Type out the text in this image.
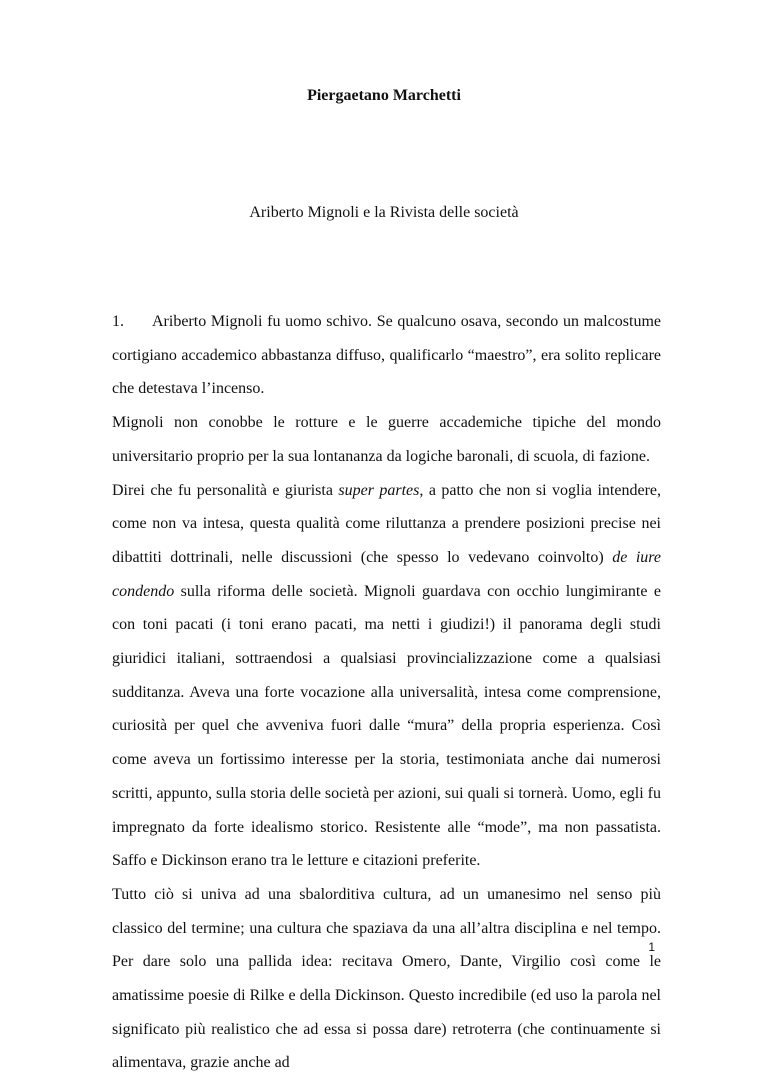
Piergaetano Marchetti
Ariberto Mignoli e la Rivista delle società

1. Ariberto Mignoli fu uomo schivo. Se qualcuno osava, secondo un malcostume cortigiano accademico abbastanza diffuso, qualificarlo “maestro”, era solito replicare che detestava l’incenso.

Mignoli non conobbe le rotture e le guerre accademiche tipiche del mondo universitario proprio per la sua lontananza da logiche baronali, di scuola, di fazione.

Direi che fu personalità e giurista super partes, a patto che non si voglia intendere, come non va intesa, questa qualità come riluttanza a prendere posizioni precise nei dibattiti dottrinali, nelle discussioni (che spesso lo vedevano coinvolto) de iure condendo sulla riforma delle società. Mignoli guardava con occhio lungimirante e con toni pacati (i toni erano pacati, ma netti i giudizi!) il panorama degli studi giuridici italiani, sottraendosi a qualsiasi provincializzazione come a qualsiasi sudditanza. Aveva una forte vocazione alla universalità, intesa come comprensione, curiosità per quel che avveniva fuori dalle “mura” della propria esperienza. Così come aveva un fortissimo interesse per la storia, testimoniata anche dai numerosi scritti, appunto, sulla storia delle società per azioni, sui quali si tornerà. Uomo, egli fu impregnato da forte idealismo storico. Resistente alle “mode”, ma non passatista. Saffo e Dickinson erano tra le letture e citazioni preferite.

Tutto ciò si univa ad una sbalorditiva cultura, ad un umanesimo nel senso più classico del termine; una cultura che spaziava da una all’altra disciplina e nel tempo. Per dare solo una pallida idea: recitava Omero, Dante, Virgilio così come le amatissime poesie di Rilke e della Dickinson. Questo incredibile (ed uso la parola nel significato più realistico che ad essa si possa dare) retroterra (che continuamente si alimentava, grazie anche ad

1
